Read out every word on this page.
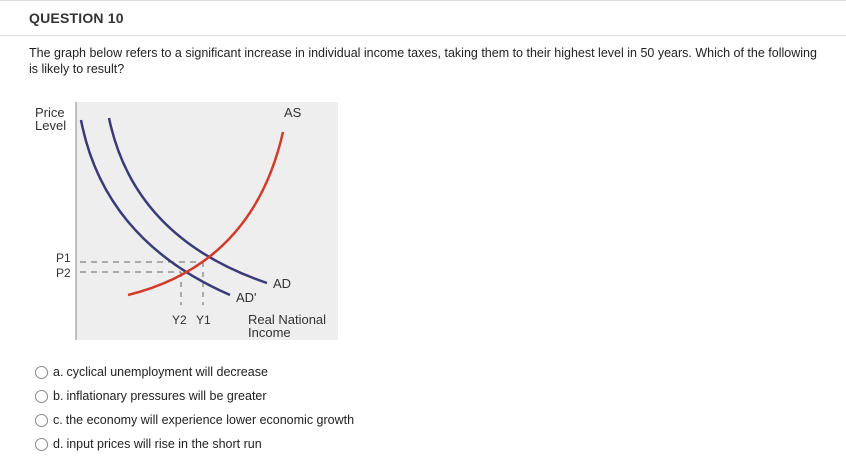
QUESTION 10
The graph below refers to a significant increase in individual income taxes, taking them to their highest level in 50 years. Which of the following is likely to result?
Price
Level
AS
AD
AD'
P1
P2
Y2 Y1	Real National
Income
a. cyclical unemployment will decrease
b. inflationary pressures will be greater
c. the economy will experience lower economic growth
d. input prices will rise in the short run
